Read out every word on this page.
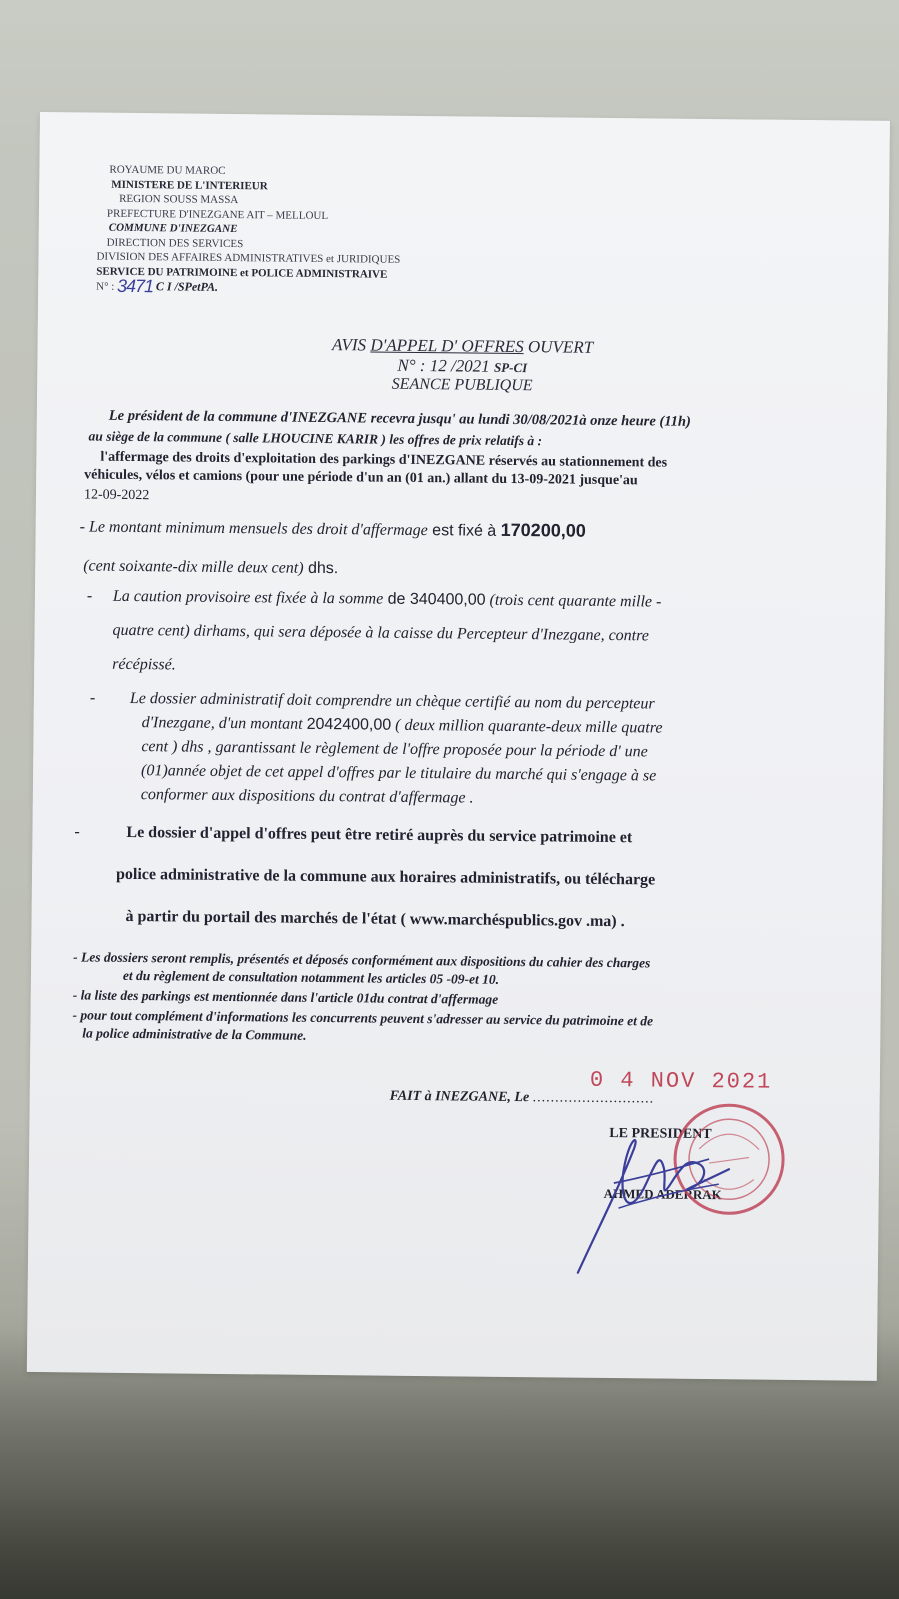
ROYAUME DU MAROC
MINISTERE DE L'INTERIEUR
REGION SOUSS MASSA
PREFECTURE D'INEZGANE AIT – MELLOUL
COMMUNE D'INEZGANE
DIRECTION DES SERVICES
DIVISION DES AFFAIRES ADMINISTRATIVES et JURIDIQUES
SERVICE DU PATRIMOINE et POLICE ADMINISTRAIVE
N° : 3471 C I /SPetPA.
AVIS D'APPEL D' OFFRES OUVERT
N° : 12 /2021 SP-CI
SEANCE PUBLIQUE
Le président de la commune d'INEZGANE recevra jusqu' au lundi 30/08/2021à onze heure (11h)
au siège de la commune ( salle LHOUCINE KARIR ) les offres de prix relatifs à :
l'affermage des droits d'exploitation des parkings d'INEZGANE réservés au stationnement des
véhicules, vélos et camions (pour une période d'un an (01 an.) allant du 13-09-2021 jusque'au
12-09-2022
- Le montant minimum mensuels des droit d'affermage est fixé à 170200,00
(cent soixante-dix mille deux cent) dhs.
- La caution provisoire est fixée à la somme de 340400,00 (trois cent quarante mille -
quatre cent) dirhams, qui sera déposée à la caisse du Percepteur d'Inezgane, contre
récépissé.
- Le dossier administratif doit comprendre un chèque certifié au nom du percepteur
d'Inezgane, d'un montant 2042400,00 ( deux million quarante-deux mille quatre
cent ) dhs , garantissant le règlement de l'offre proposée pour la période d' une
(01)année objet de cet appel d'offres par le titulaire du marché qui s'engage à se
conformer aux dispositions du contrat d'affermage .
-	Le dossier d'appel d'offres peut être retiré auprès du service patrimoine et
police administrative de la commune aux horaires administratifs, ou télécharge
à partir du portail des marchés de l'état ( www.marchéspublics.gov .ma) .
- Les dossiers seront remplis, présentés et déposés conformément aux dispositions du cahier des charges
et du règlement de consultation notamment les articles 05 -09-et 10.
- la liste des parkings est mentionnée dans l'article 01du contrat d'affermage
- pour tout complément d'informations les concurrents peuvent s'adresser au service du patrimoine et de
la police administrative de la Commune.
0 4 NOV 2021
FAIT à INEZGANE, Le ...........................
LE PRESIDENT
AHMED ADERRAK
